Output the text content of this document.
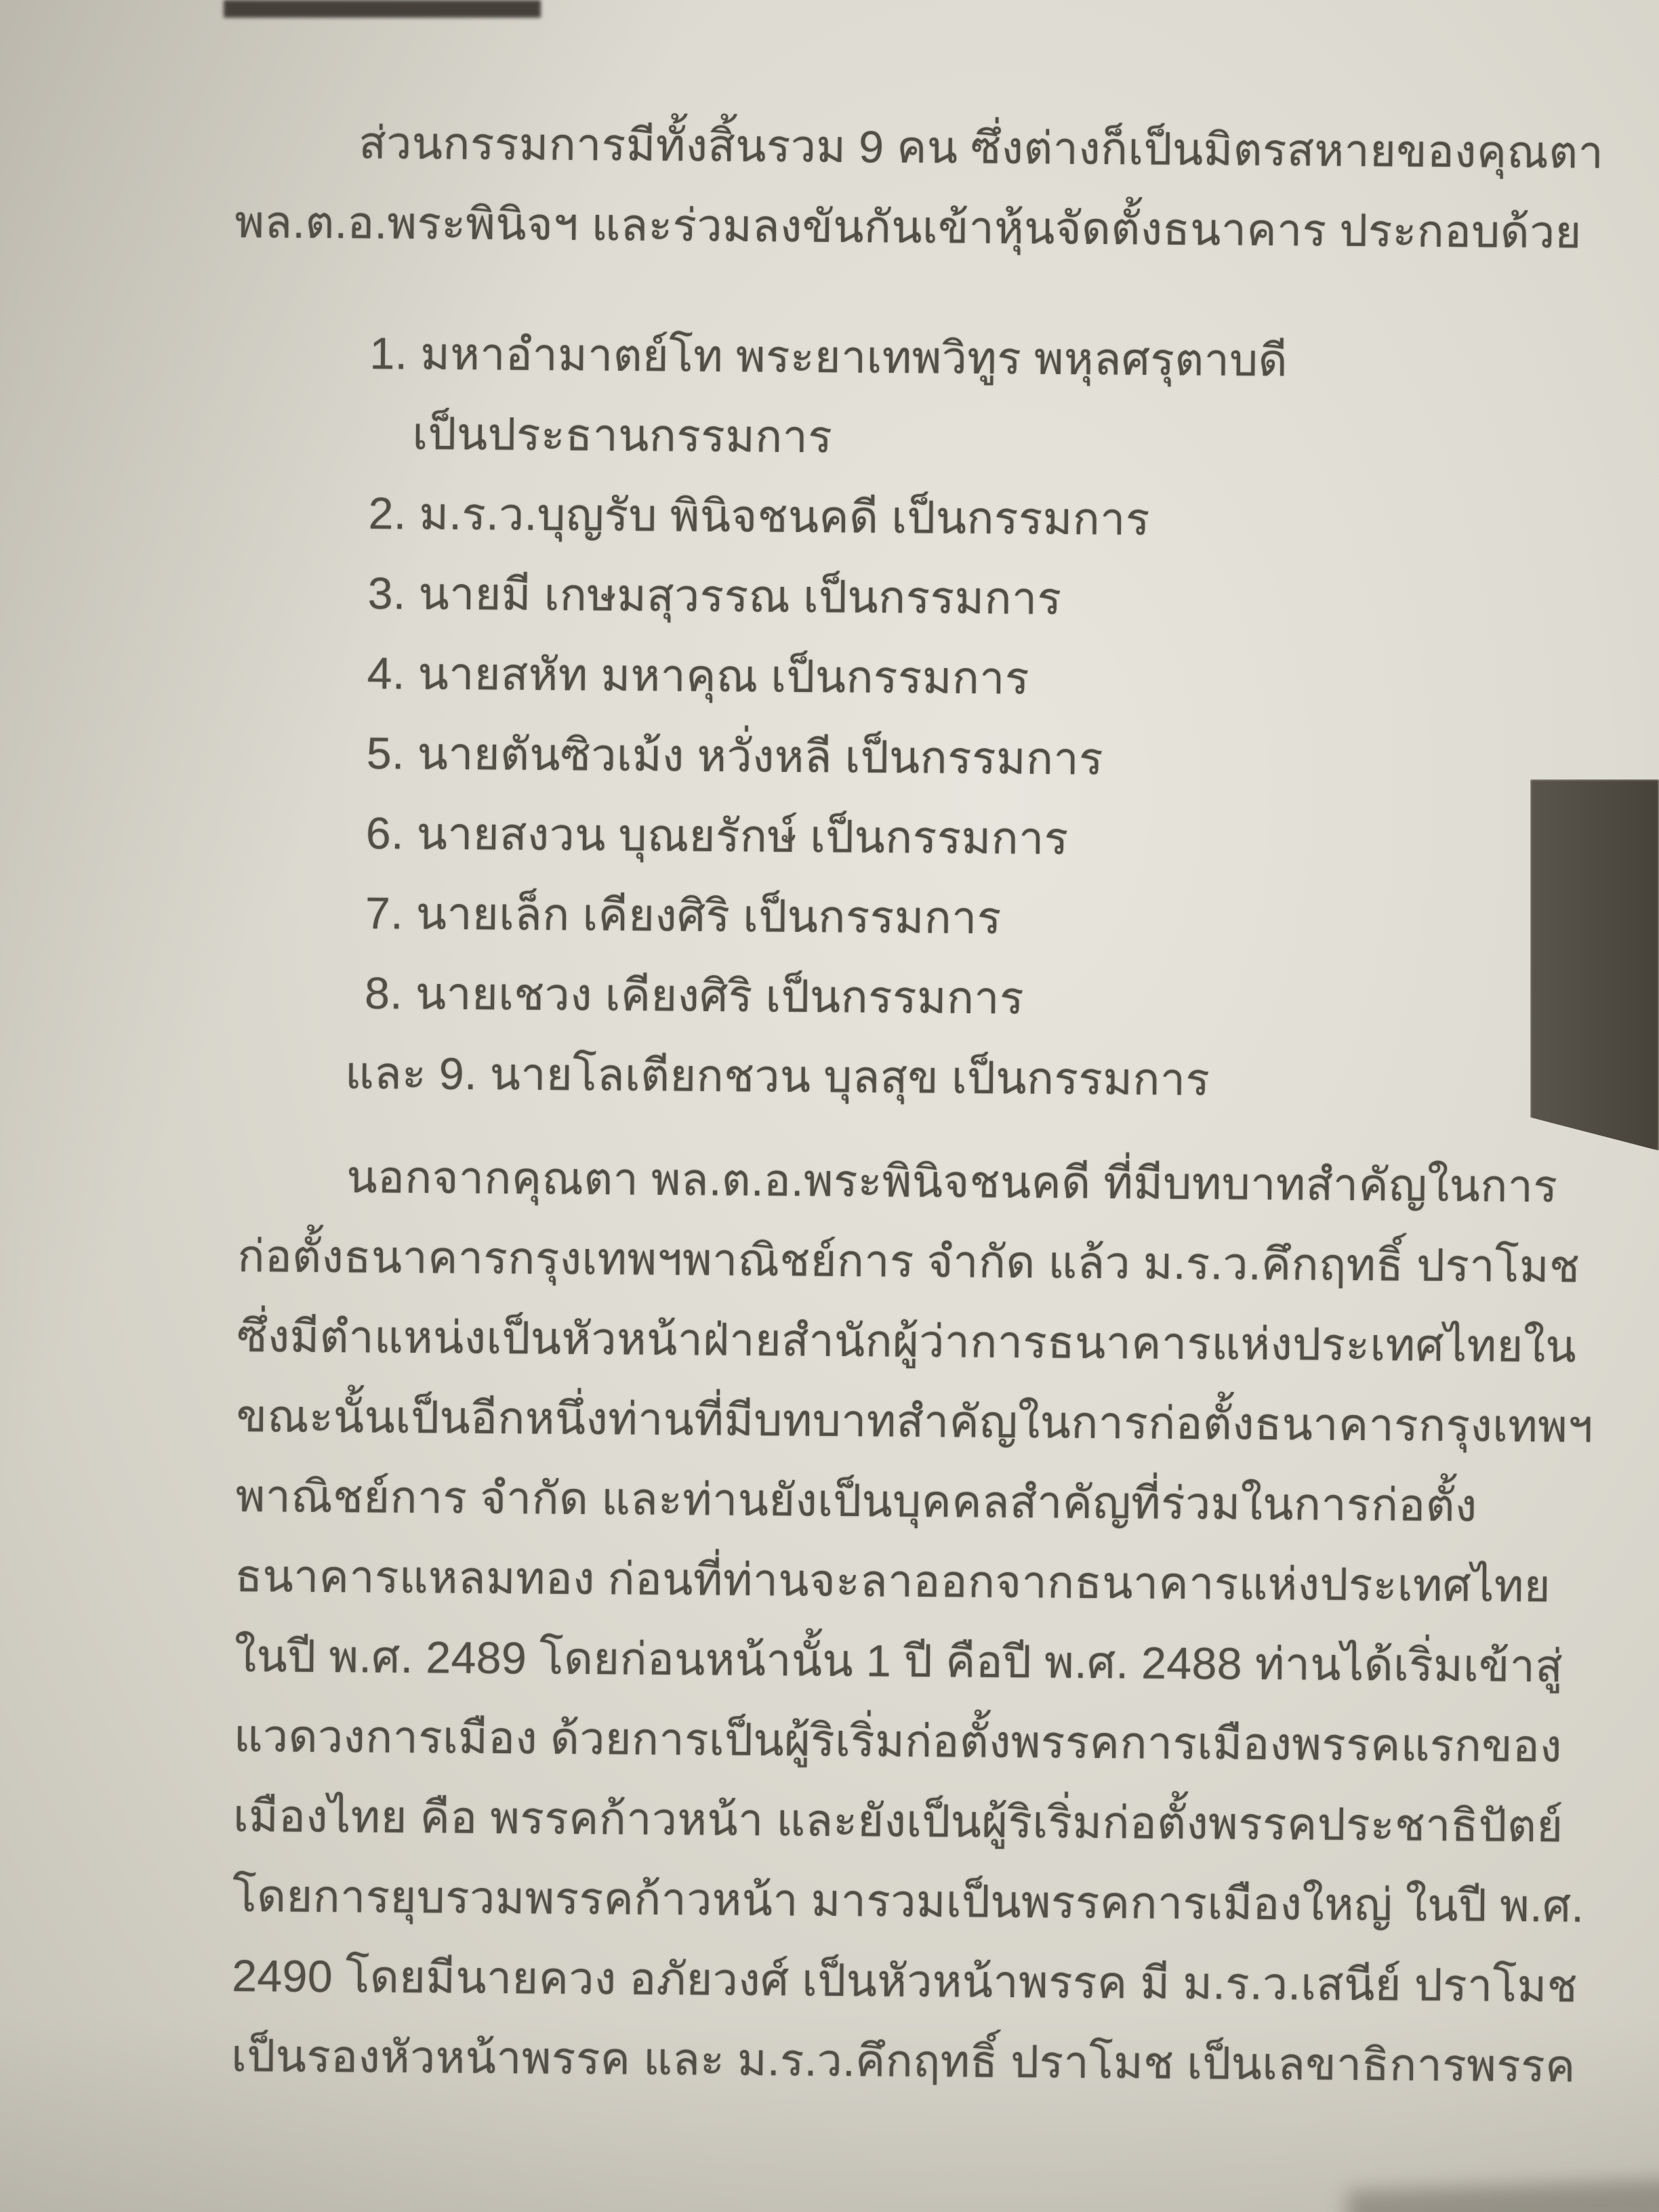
ส่วนกรรมการมีทั้งสิ้นรวม 9 คน ซึ่งต่างก็เป็นมิตรสหายของคุณตา
พล.ต.อ.พระพินิจฯ และร่วมลงขันกันเข้าหุ้นจัดตั้งธนาคาร ประกอบด้วย
1. มหาอำมาตย์โท พระยาเทพวิทูร พหุลศรุตาบดี
เป็นประธานกรรมการ
2. ม.ร.ว.บุญรับ พินิจชนคดี เป็นกรรมการ
3. นายมี เกษมสุวรรณ เป็นกรรมการ
4. นายสหัท มหาคุณ เป็นกรรมการ
5. นายตันซิวเม้ง หวั่งหลี เป็นกรรมการ
6. นายสงวน บุณยรักษ์ เป็นกรรมการ
7. นายเล็ก เคียงศิริ เป็นกรรมการ
8. นายเชวง เคียงศิริ เป็นกรรมการ
และ 9. นายโลเตียกชวน บุลสุข เป็นกรรมการ
นอกจากคุณตา พล.ต.อ.พระพินิจชนคดี ที่มีบทบาทสำคัญในการ
ก่อตั้งธนาคารกรุงเทพฯพาณิชย์การ จำกัด แล้ว ม.ร.ว.คึกฤทธิ์ ปราโมช
ซึ่งมีตำแหน่งเป็นหัวหน้าฝ่ายสำนักผู้ว่าการธนาคารแห่งประเทศไทยใน
ขณะนั้นเป็นอีกหนึ่งท่านที่มีบทบาทสำคัญในการก่อตั้งธนาคารกรุงเทพฯ
พาณิชย์การ จำกัด และท่านยังเป็นบุคคลสำคัญที่ร่วมในการก่อตั้ง
ธนาคารแหลมทอง ก่อนที่ท่านจะลาออกจากธนาคารแห่งประเทศไทย
ในปี พ.ศ. 2489 โดยก่อนหน้านั้น 1 ปี คือปี พ.ศ. 2488 ท่านได้เริ่มเข้าสู่
แวดวงการเมือง ด้วยการเป็นผู้ริเริ่มก่อตั้งพรรคการเมืองพรรคแรกของ
เมืองไทย คือ พรรคก้าวหน้า และยังเป็นผู้ริเริ่มก่อตั้งพรรคประชาธิปัตย์
โดยการยุบรวมพรรคก้าวหน้า มารวมเป็นพรรคการเมืองใหญ่ ในปี พ.ศ.
2490 โดยมีนายควง อภัยวงศ์ เป็นหัวหน้าพรรค มี ม.ร.ว.เสนีย์ ปราโมช
เป็นรองหัวหน้าพรรค และ ม.ร.ว.คึกฤทธิ์ ปราโมช เป็นเลขาธิการพรรค
